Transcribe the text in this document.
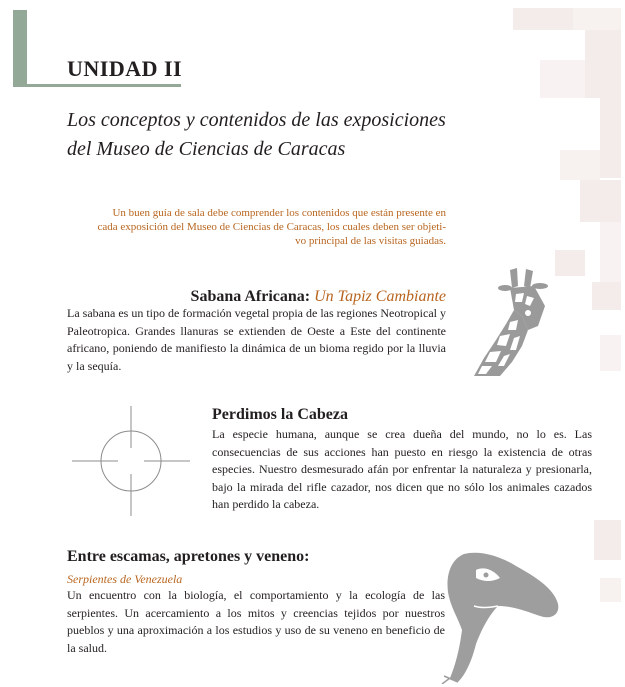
UNIDAD II
Los conceptos y contenidos de las exposiciones
del Museo de Ciencias de Caracas
Un buen guía de sala debe comprender los contenidos que están presente en
cada exposición del Museo de Ciencias de Caracas, los cuales deben ser objeti-
vo principal de las visitas guiadas.
Sabana Africana: Un Tapiz Cambiante
La sabana es un tipo de formación vegetal propia de las regiones Neotropical y Paleotropica. Grandes llanuras se extienden de Oeste a Este del continente africano, poniendo de manifiesto la dinámica de un bioma regido por la lluvia y la sequía.
Perdimos la Cabeza
La especie humana, aunque se crea dueña del mundo, no lo es. Las consecuencias de sus acciones han puesto en riesgo la existencia de otras especies. Nuestro desmesurado afán por enfrentar la naturaleza y presionarla, bajo la mirada del rifle cazador, nos dicen que no sólo los animales cazados han perdido la cabeza.
Entre escamas, apretones y veneno:
Serpientes de Venezuela
Un encuentro con la biología, el comportamiento y la ecología de las serpientes. Un acercamiento a los mitos y creencias tejidos por nuestros pueblos y una aproximación a los estudios y uso de su veneno en beneficio de la salud.
